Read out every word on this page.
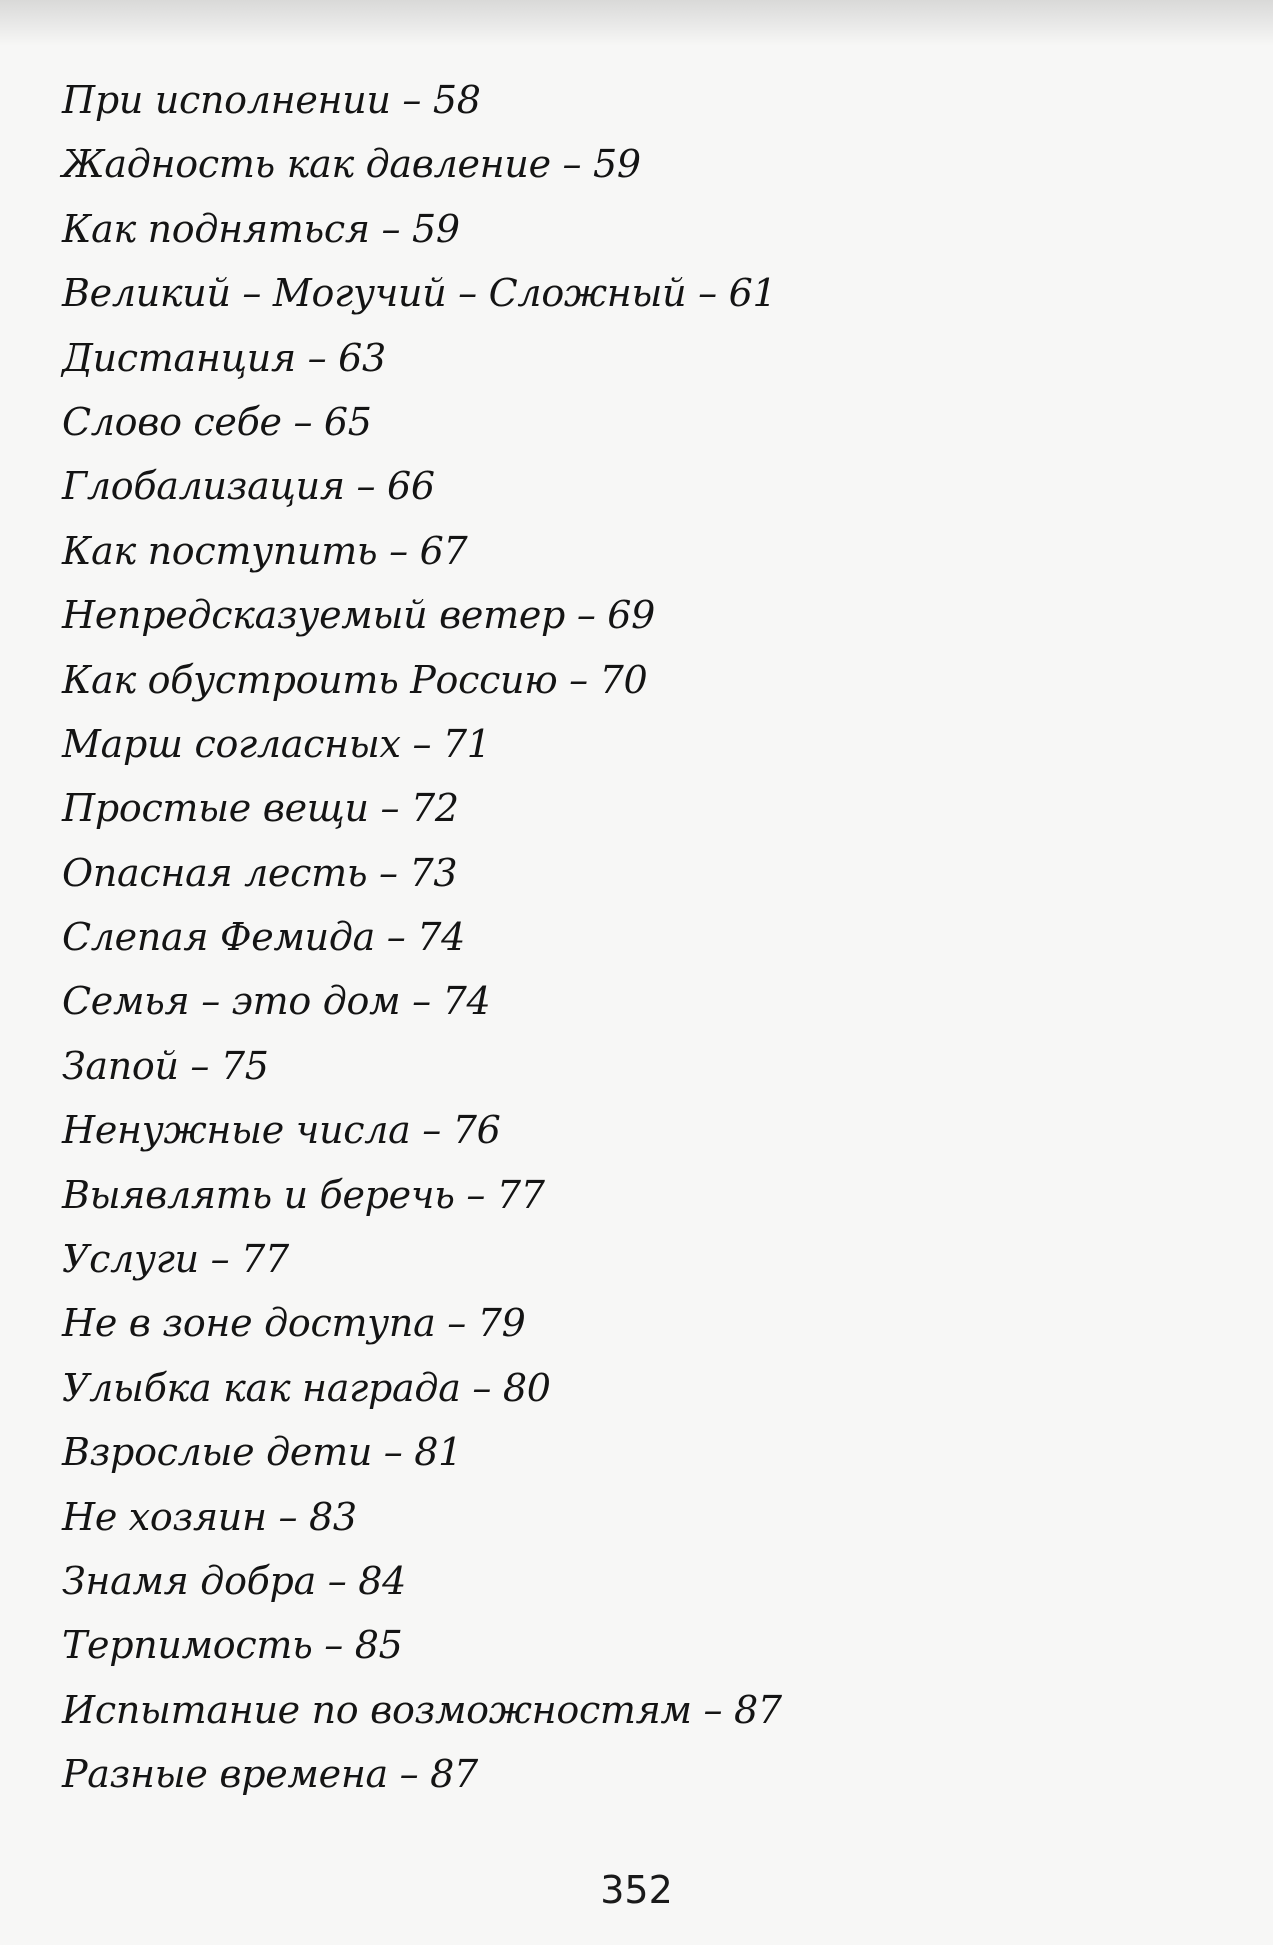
При исполнении – 58
Жадность как давление – 59
Как подняться – 59
Великий – Могучий – Сложный – 61
Дистанция – 63
Слово себе – 65
Глобализация – 66
Как поступить – 67
Непредсказуемый ветер – 69
Как обустроить Россию – 70
Марш согласных – 71
Простые вещи – 72
Опасная лесть – 73
Слепая Фемида – 74
Семья – это дом – 74
Запой – 75
Ненужные числа – 76
Выявлять и беречь – 77
Услуги – 77
Не в зоне доступа – 79
Улыбка как награда – 80
Взрослые дети – 81
Не хозяин – 83
Знамя добра – 84
Терпимость – 85
Испытание по возможностям – 87
Разные времена – 87
352
